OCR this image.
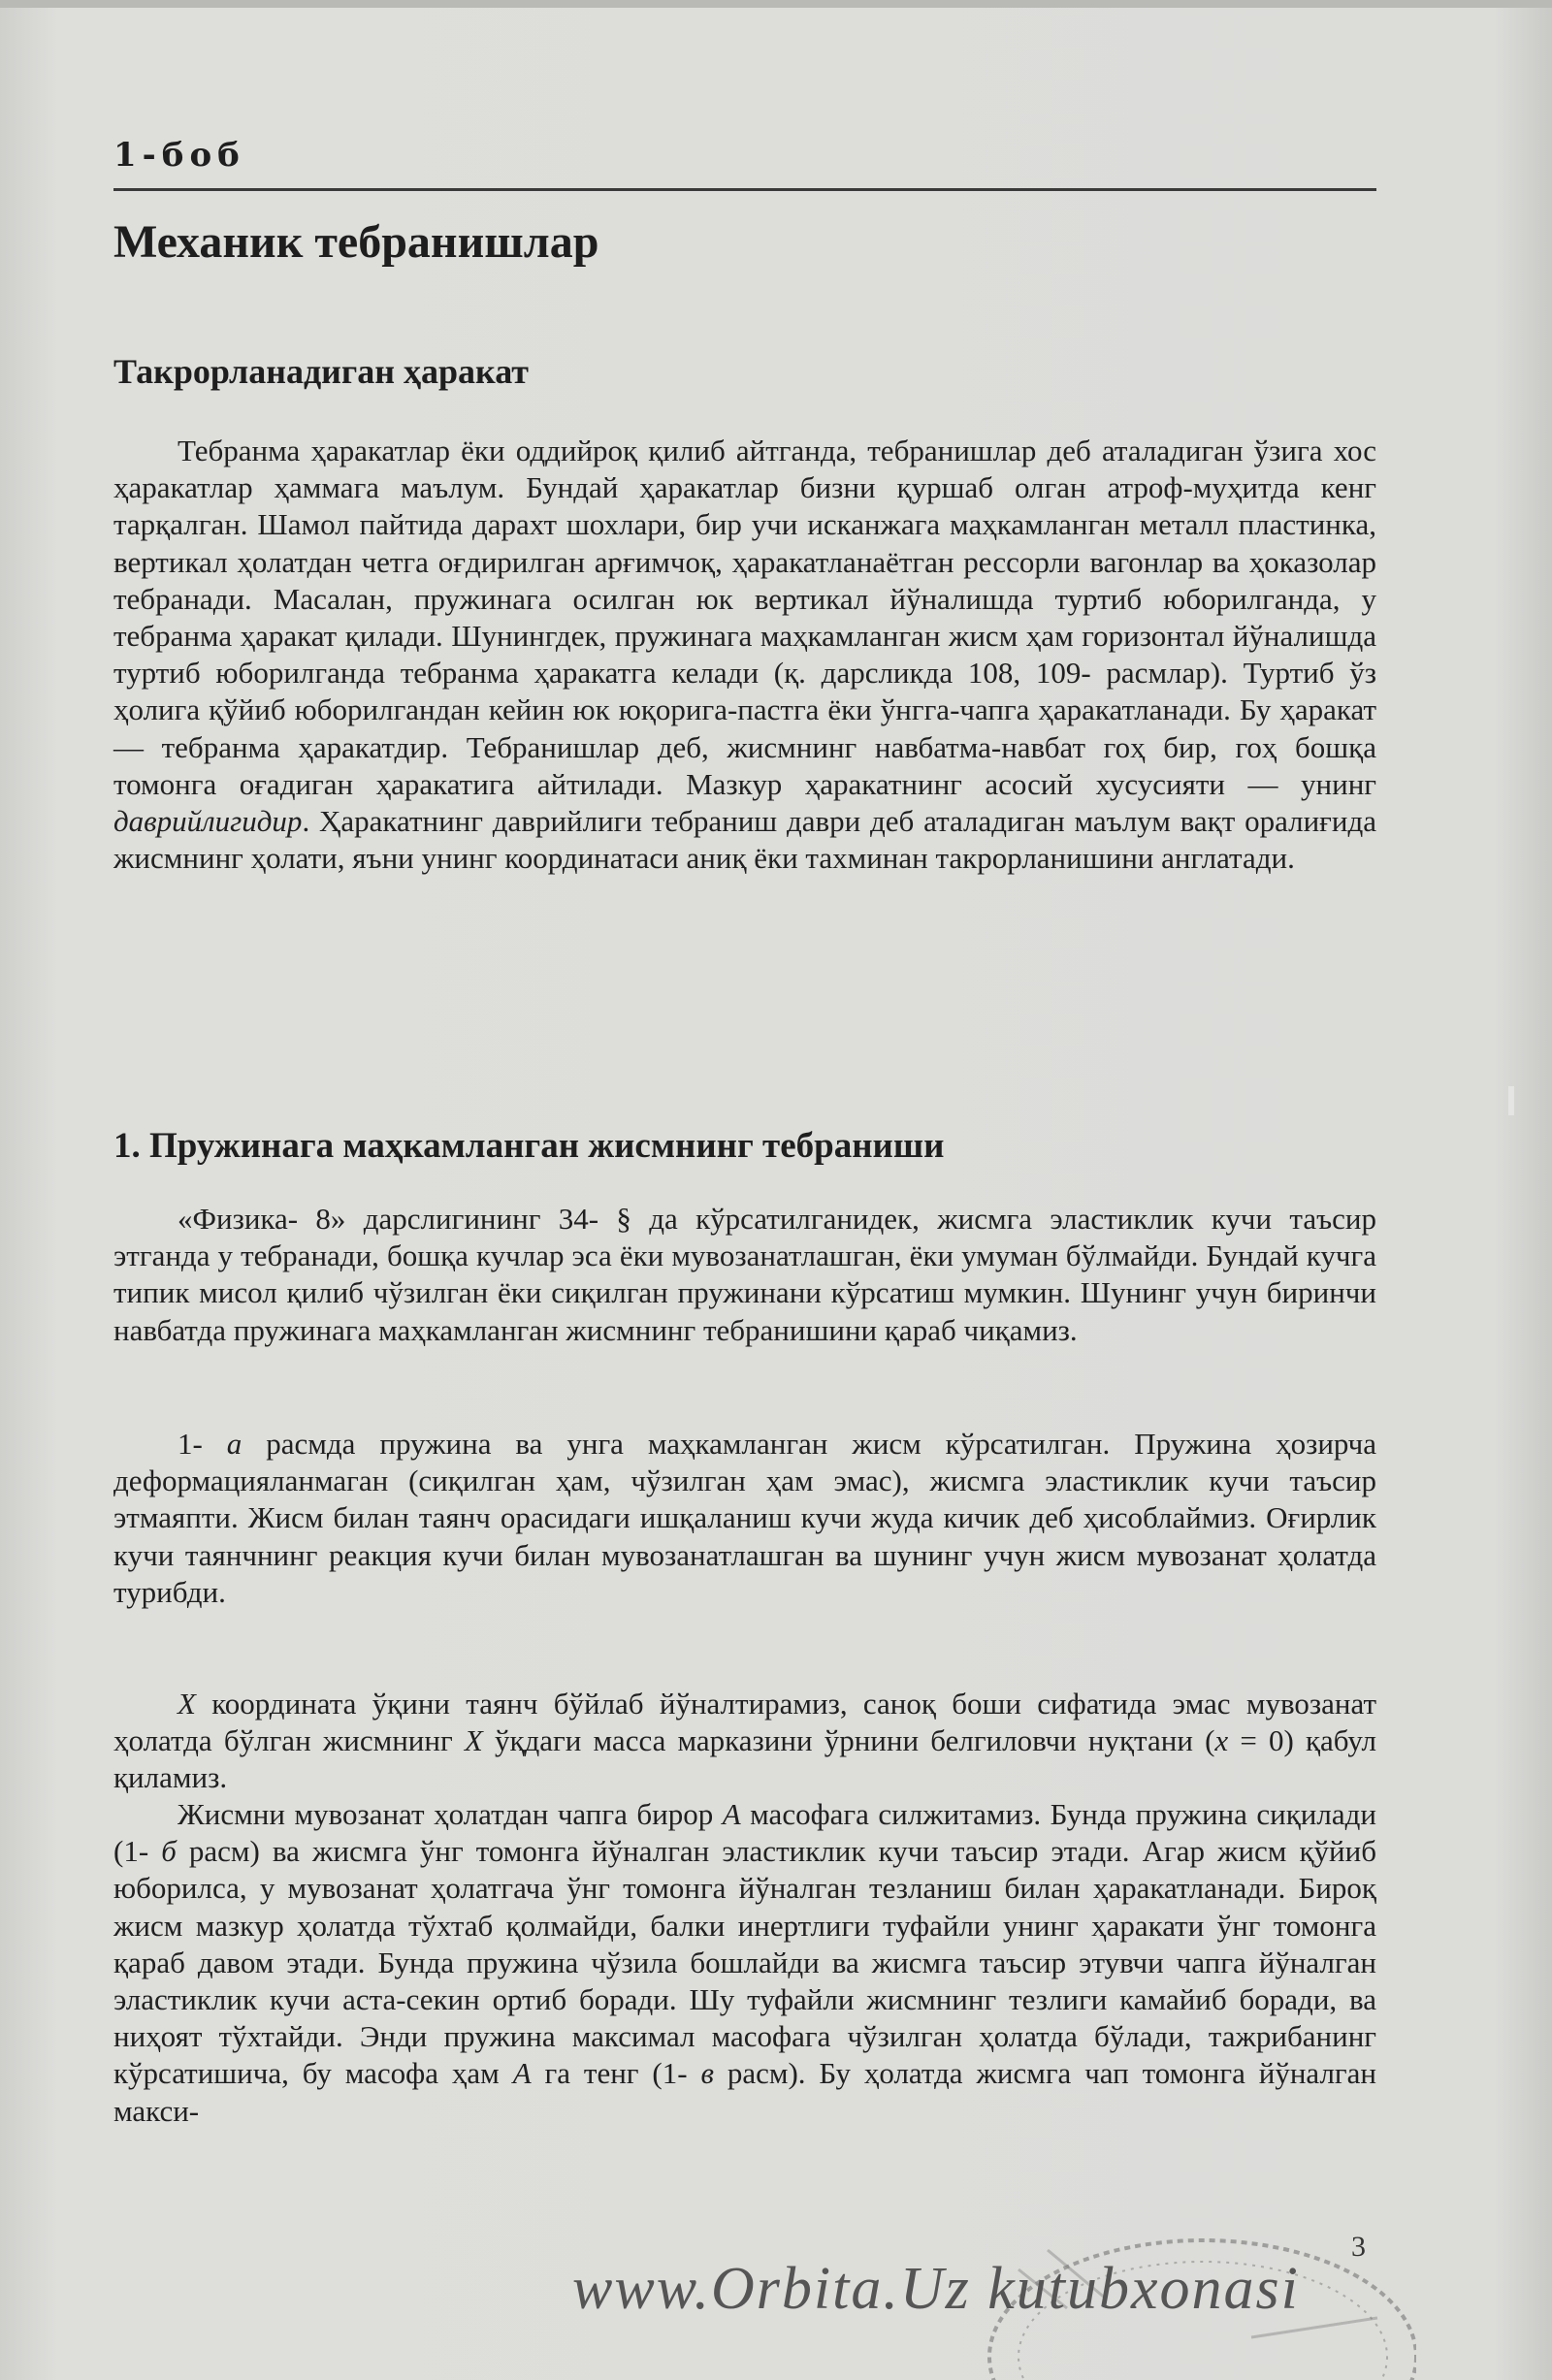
1-боб
Механик тебранишлар
Такрорланадиган ҳаракат

Тебранма ҳаракатлар ёки оддийроқ қилиб айтганда, тебранишлар деб аталадиган ўзига хос ҳаракатлар ҳаммага маълум. Бундай ҳаракатлар бизни қуршаб олган атроф-муҳитда кенг тарқалган. Шамол пайтида дарахт шохлари, бир учи исканжага маҳкамланган металл пластинка, вертикал ҳолатдан четга оғдирилган арғимчоқ, ҳаракатланаётган рессорли вагонлар ва ҳоказолар тебранади. Масалан, пружинага осилган юк вертикал йўналишда туртиб юборилганда, у тебранма ҳаракат қилади. Шунингдек, пружинага маҳкамланган жисм ҳам горизонтал йўналишда туртиб юборилганда тебранма ҳаракатга келади (қ. дарсликда 108, 109- расмлар). Туртиб ўз ҳолига қўйиб юборилгандан кейин юк юқорига-пастга ёки ўнгга-чапга ҳаракатланади. Бу ҳаракат — тебранма ҳаракатдир. Тебранишлар деб, жисмнинг навбатма-навбат гоҳ бир, гоҳ бошқа томонга оғадиган ҳаракатига айтилади. Мазкур ҳаракатнинг асосий хусусияти — унинг даврийлигидир. Ҳаракатнинг даврийлиги тебраниш даври деб аталадиган маълум вақт оралиғида жисмнинг ҳолати, яъни унинг координатаси аниқ ёки тахминан такрорланишини англатади.

1. Пружинага маҳкамланган жисмнинг тебраниши

«Физика- 8» дарслигининг 34- § да кўрсатилганидек, жисмга эластиклик кучи таъсир этганда у тебранади, бошқа кучлар эса ёки мувозанатлашган, ёки умуман бўлмайди. Бундай кучга типик мисол қилиб чўзилган ёки сиқилган пружинани кўрсатиш мумкин. Шунинг учун биринчи навбатда пружинага маҳкамланган жисмнинг тебранишини қараб чиқамиз.

1- а расмда пружина ва унга маҳкамланган жисм кўрсатилган. Пружина ҳозирча деформацияланмаган (сиқилган ҳам, чўзилган ҳам эмас), жисмга эластиклик кучи таъсир этмаяпти. Жисм билан таянч орасидаги ишқаланиш кучи жуда кичик деб ҳисоблаймиз. Оғирлик кучи таянчнинг реакция кучи билан мувозанатлашган ва шунинг учун жисм мувозанат ҳолатда турибди.

X координата ўқини таянч бўйлаб йўналтирамиз, саноқ боши сифатида эмас мувозанат ҳолатда бўлган жисмнинг X ўқдаги масса марказини ўрнини белгиловчи нуқтани (x = 0) қабул қиламиз.

Жисмни мувозанат ҳолатдан чапга бирор А масофага силжитамиз. Бунда пружина сиқилади (1- б расм) ва жисмга ўнг томонга йўналган эластиклик кучи таъсир этади. Агар жисм қўйиб юборилса, у мувозанат ҳолатгача ўнг томонга йўналган тезланиш билан ҳаракатланади. Бироқ жисм мазкур ҳолатда тўхтаб қолмайди, балки инертлиги туфайли унинг ҳаракати ўнг томонга қараб давом этади. Бунда пружина чўзила бошлайди ва жисмга таъсир этувчи чапга йўналган эластиклик кучи аста-секин ортиб боради. Шу туфайли жисмнинг тезлиги камайиб боради, ва ниҳоят тўхтайди. Энди пружина максимал масофага чўзилган ҳолатда бўлади, тажрибанинг кўрсатишича, бу масофа ҳам А га тенг (1- в расм). Бу ҳолатда жисмга чап томонга йўналган макси-

3
www.Orbita.Uz kutubxonasi
